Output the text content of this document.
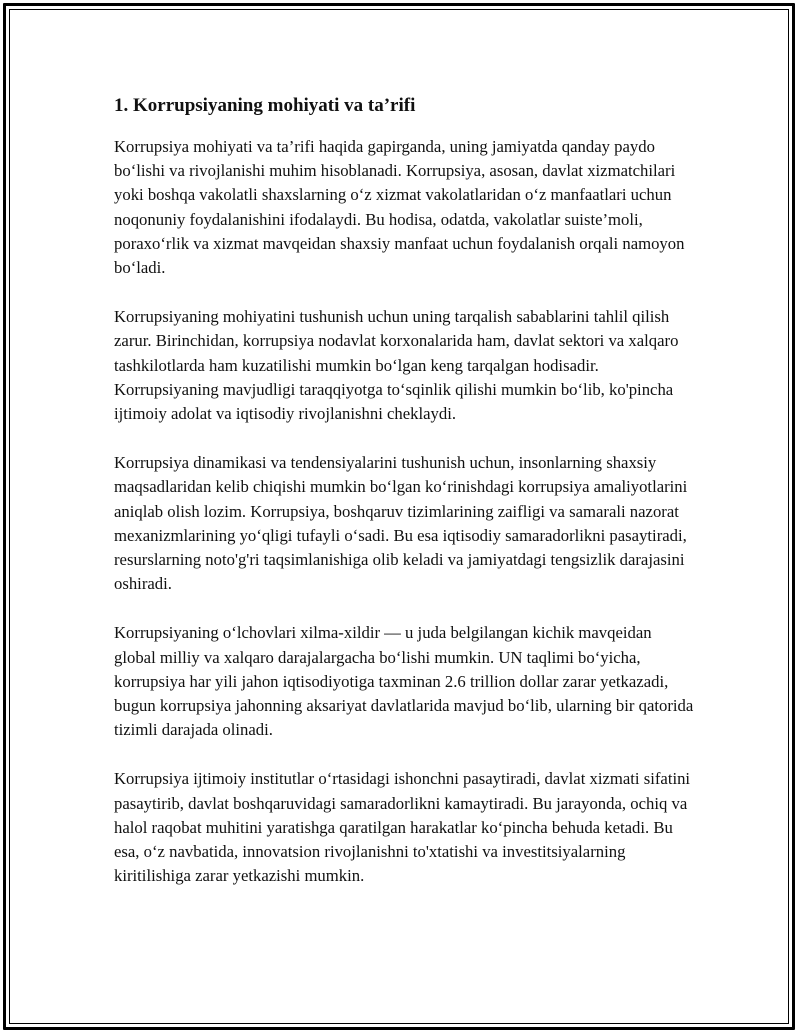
1. Korrupsiyaning mohiyati va ta’rifi

Korrupsiya mohiyati va ta’rifi haqida gapirganda, uning jamiyatda qanday paydo bo‘lishi va rivojlanishi muhim hisoblanadi. Korrupsiya, asosan, davlat xizmatchilari yoki boshqa vakolatli shaxslarning o‘z xizmat vakolatlaridan o‘z manfaatlari uchun noqonuniy foydalanishini ifodalaydi. Bu hodisa, odatda, vakolatlar suiste’moli, poraxo‘rlik va xizmat mavqeidan shaxsiy manfaat uchun foydalanish orqali namoyon bo‘ladi.

Korrupsiyaning mohiyatini tushunish uchun uning tarqalish sabablarini tahlil qilish zarur. Birinchidan, korrupsiya nodavlat korxonalarida ham, davlat sektori va xalqaro tashkilotlarda ham kuzatilishi mumkin bo‘lgan keng tarqalgan hodisadir. Korrupsiyaning mavjudligi taraqqiyotga to‘sqinlik qilishi mumkin bo‘lib, ko'pincha ijtimoiy adolat va iqtisodiy rivojlanishni cheklaydi.

Korrupsiya dinamikasi va tendensiyalarini tushunish uchun, insonlarning shaxsiy maqsadlaridan kelib chiqishi mumkin bo‘lgan ko‘rinishdagi korrupsiya amaliyotlarini aniqlab olish lozim. Korrupsiya, boshqaruv tizimlarining zaifligi va samarali nazorat mexanizmlarining yo‘qligi tufayli o‘sadi. Bu esa iqtisodiy samaradorlikni pasaytiradi, resurslarning noto'g'ri taqsimlanishiga olib keladi va jamiyatdagi tengsizlik darajasini oshiradi.

Korrupsiyaning o‘lchovlari xilma-xildir — u juda belgilangan kichik mavqeidan global milliy va xalqaro darajalargacha bo‘lishi mumkin. UN taqlimi bo‘yicha, korrupsiya har yili jahon iqtisodiyotiga taxminan 2.6 trillion dollar zarar yetkazadi, bugun korrupsiya jahonning aksariyat davlatlarida mavjud bo‘lib, ularning bir qatorida tizimli darajada olinadi.

Korrupsiya ijtimoiy institutlar o‘rtasidagi ishonchni pasaytiradi, davlat xizmati sifatini pasaytirib, davlat boshqaruvidagi samaradorlikni kamaytiradi. Bu jarayonda, ochiq va halol raqobat muhitini yaratishga qaratilgan harakatlar ko‘pincha behuda ketadi. Bu esa, o‘z navbatida, innovatsion rivojlanishni to'xtatishi va investitsiyalarning kiritilishiga zarar yetkazishi mumkin.
